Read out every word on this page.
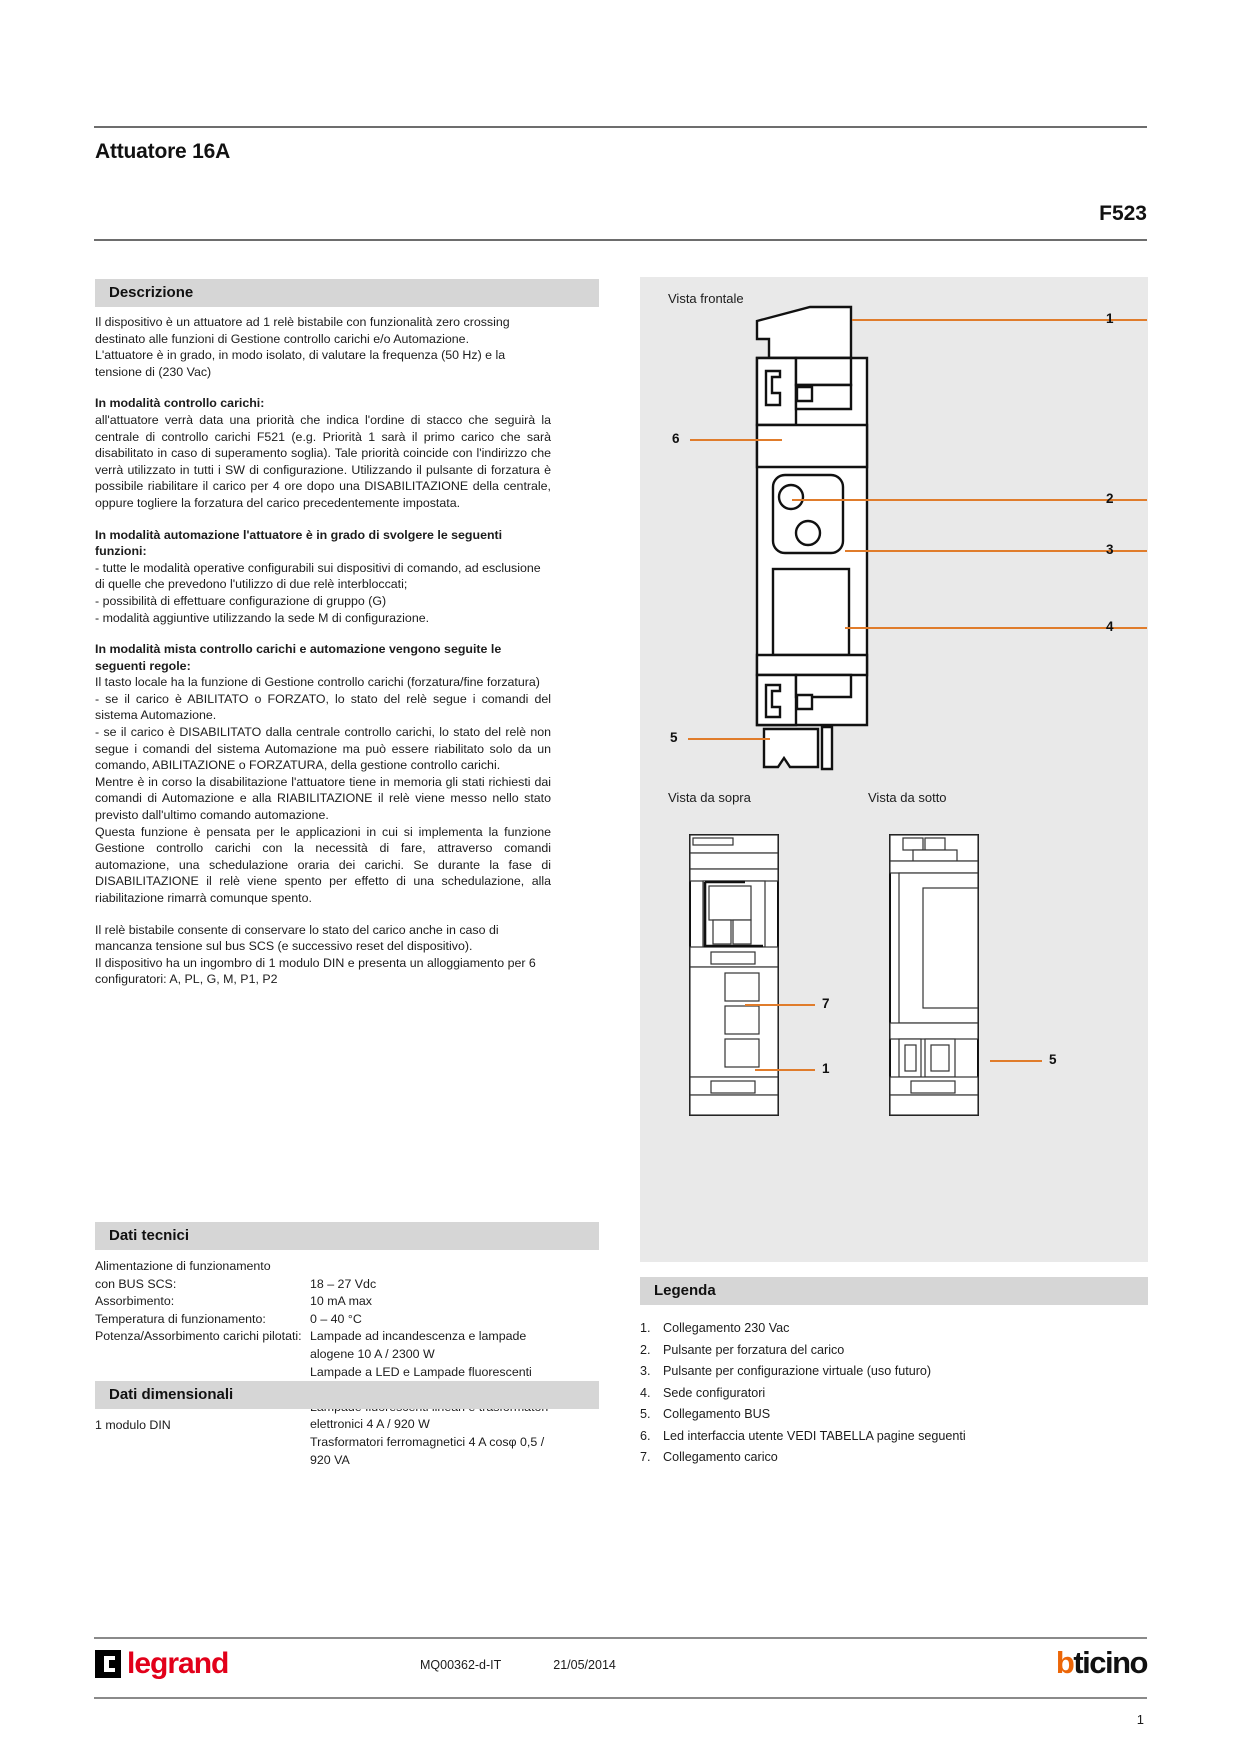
Attuatore 16A
F523
Descrizione

Il dispositivo è un attuatore ad 1 relè bistabile con funzionalità zero crossing destinato alle funzioni di Gestione controllo carichi e/o Automazione.

L'attuatore è in grado, in modo isolato, di valutare la frequenza (50 Hz) e la tensione di (230 Vac)

In modalità controllo carichi:

all'attuatore verrà data una priorità che indica l'ordine di stacco che seguirà la centrale di controllo carichi F521 (e.g. Priorità 1 sarà il primo carico che sarà disabilitato in caso di superamento soglia). Tale priorità coincide con l'indirizzo che verrà utilizzato in tutti i SW di configurazione. Utilizzando il pulsante di forzatura è possibile riabilitare il carico per 4 ore dopo una DISABILITAZIONE della centrale, oppure togliere la forzatura del carico precedentemente impostata.

In modalità automazione l'attuatore è in grado di svolgere le seguenti funzioni:

- tutte le modalità operative configurabili sui dispositivi di comando, ad esclusione di quelle che prevedono l'utilizzo di due relè interbloccati;

- possibilità di effettuare configurazione di gruppo (G)

- modalità aggiuntive utilizzando la sede M di configurazione.

In modalità mista controllo carichi e automazione vengono seguite le seguenti regole:

Il tasto locale ha la funzione di Gestione controllo carichi (forzatura/fine forzatura)

- se il carico è ABILITATO o FORZATO, lo stato del relè segue i comandi del sistema Automazione.

- se il carico è DISABILITATO dalla centrale controllo carichi, lo stato del relè non segue i comandi del sistema Automazione ma può essere riabilitato solo da un comando, ABILITAZIONE o FORZATURA, della gestione controllo carichi.

Mentre è in corso la disabilitazione l'attuatore tiene in memoria gli stati richiesti dai comandi di Automazione e alla RIABILITAZIONE il relè viene messo nello stato previsto dall'ultimo comando automazione.

Questa funzione è pensata per le applicazioni in cui si implementa la funzione Gestione controllo carichi con la necessità di fare, attraverso comandi automazione, una schedulazione oraria dei carichi. Se durante la fase di DISABILITAZIONE il relè viene spento per effetto di una schedulazione, alla riabilitazione rimarrà comunque spento.

Il relè bistabile consente di conservare lo stato del carico anche in caso di mancanza tensione sul bus SCS (e successivo reset del dispositivo).

Il dispositivo ha un ingombro di 1 modulo DIN e presenta un alloggiamento per 6 configuratori: A, PL, G, M, P1, P2

Dati tecnici
Alimentazione di funzionamento
con BUS SCS:	18 – 27 Vdc
Assorbimento:	10 mA max
Temperatura di funzionamento:	0 – 40 °C
Potenza/Assorbimento carichi pilotati: Lampade ad incandescenza e lampade
alogene 10 A / 2300 W
Lampade a LED e Lampade fluorescenti
elettronici 4 A / 920 W
Trasformatori ferromagnetici 4 A cosφ 0,5 / 920 VA
Dati dimensionali
1 modulo DIN
Vista frontale
Vista da sopra	Vista da sotto
1
2
3
4
6
5
7
1
5
Legenda
1. Collegamento 230 Vac
2. Pulsante per forzatura del carico
3. Pulsante per configurazione virtuale (uso futuro)
4. Sede configuratori
5. Collegamento BUS
6. Led interfaccia utente VEDI TABELLA pagine seguenti
7. Collegamento carico
legrand	MQ00362-d-IT	21/05/2014	b ticino
1
